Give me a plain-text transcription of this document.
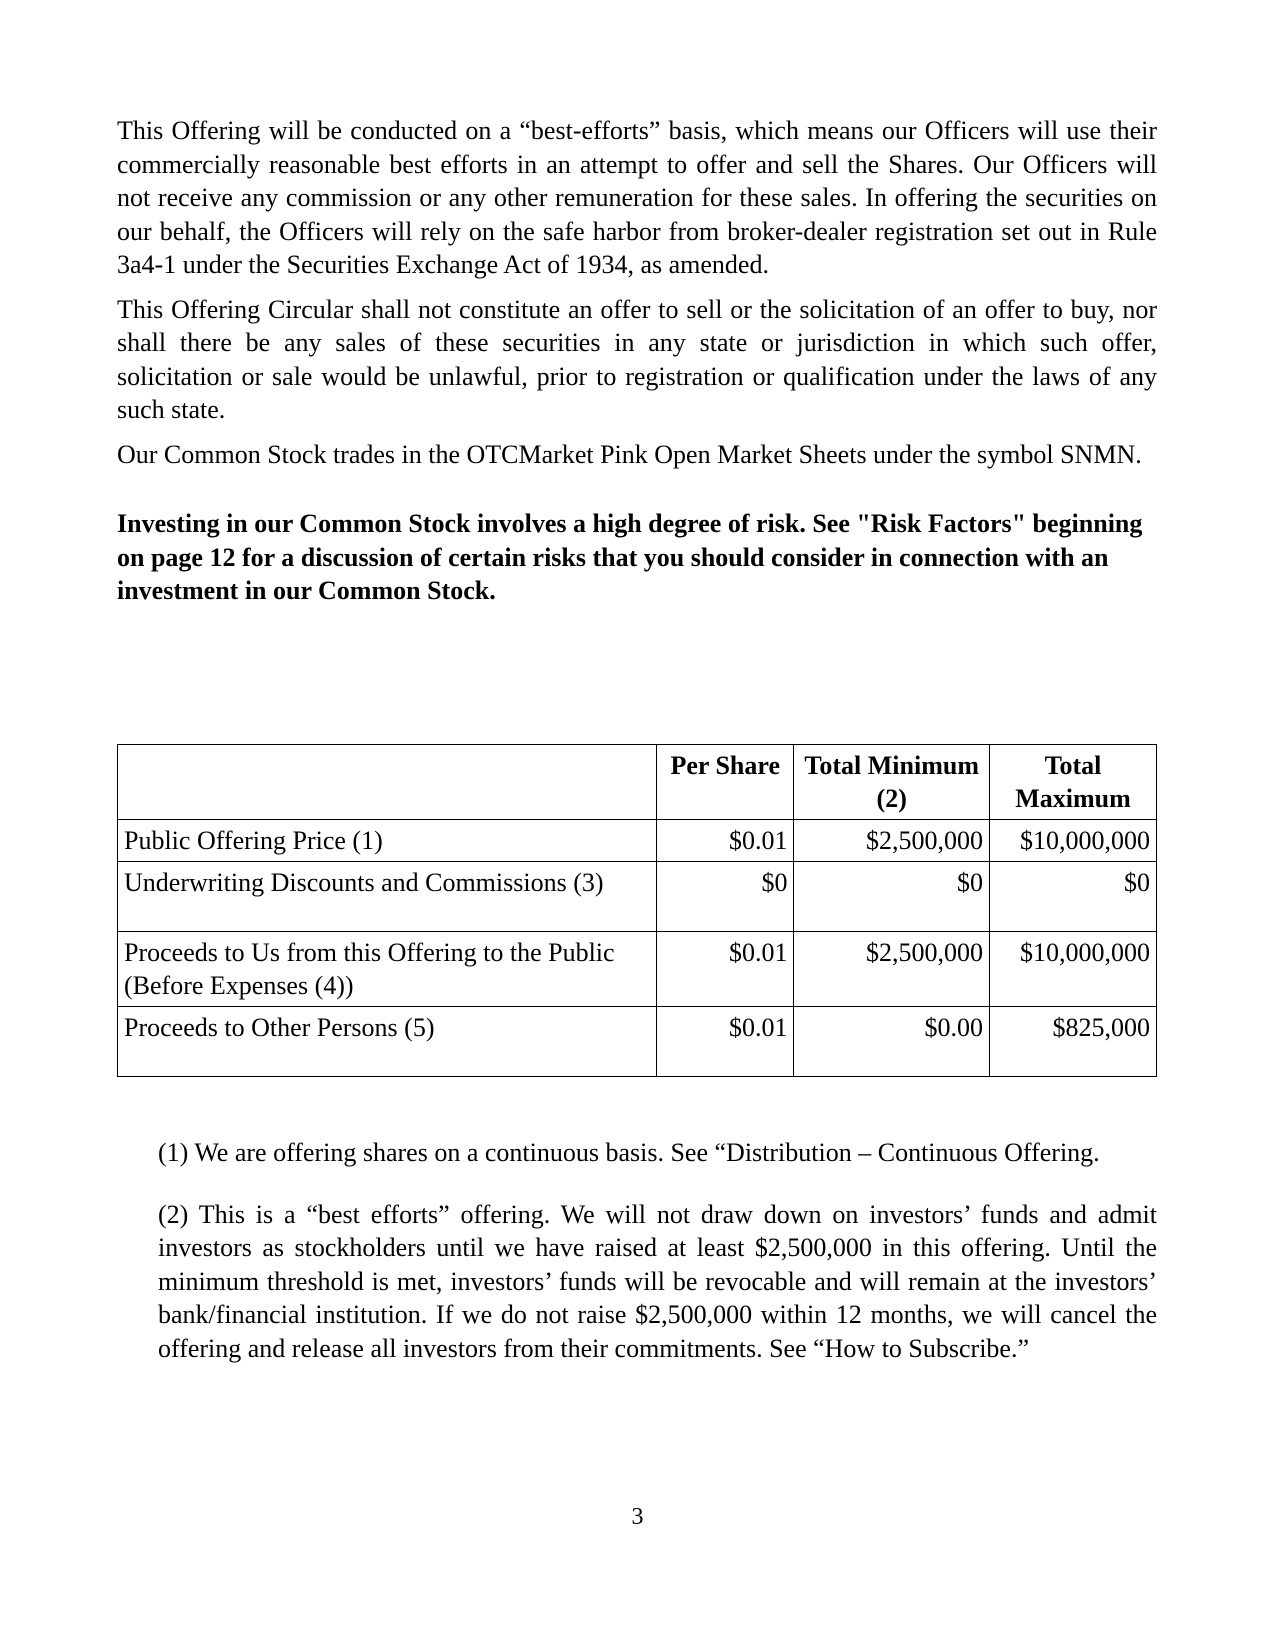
This Offering will be conducted on a “best-efforts” basis, which means our Officers will use their commercially reasonable best efforts in an attempt to offer and sell the Shares. Our Officers will not receive any commission or any other remuneration for these sales. In offering the securities on our behalf, the Officers will rely on the safe harbor from broker-dealer registration set out in Rule 3a4-1 under the Securities Exchange Act of 1934, as amended.

This Offering Circular shall not constitute an offer to sell or the solicitation of an offer to buy, nor shall there be any sales of these securities in any state or jurisdiction in which such offer, solicitation or sale would be unlawful, prior to registration or qualification under the laws of any such state.

Our Common Stock trades in the OTCMarket Pink Open Market Sheets under the symbol SNMN.

Investing in our Common Stock involves a high degree of risk. See "Risk Factors" beginning on page 12 for a discussion of certain risks that you should consider in connection with an investment in our Common Stock.

	Per Share	Total Minimum (2)	Total Maximum
Public Offering Price (1)	$0.01	$2,500,000	$10,000,000
Underwriting Discounts and Commissions (3)	$0	$0	$0
Proceeds to Us from this Offering to the Public (Before Expenses (4))	$0.01	$2,500,000	$10,000,000
Proceeds to Other Persons (5)	$0.01	$0.00	$825,000

(1) We are offering shares on a continuous basis. See “Distribution – Continuous Offering.

(2) This is a “best efforts” offering. We will not draw down on investors’ funds and admit investors as stockholders until we have raised at least $2,500,000 in this offering. Until the minimum threshold is met, investors’ funds will be revocable and will remain at the investors’ bank/financial institution. If we do not raise $2,500,000 within 12 months, we will cancel the offering and release all investors from their commitments. See “How to Subscribe.”

3
